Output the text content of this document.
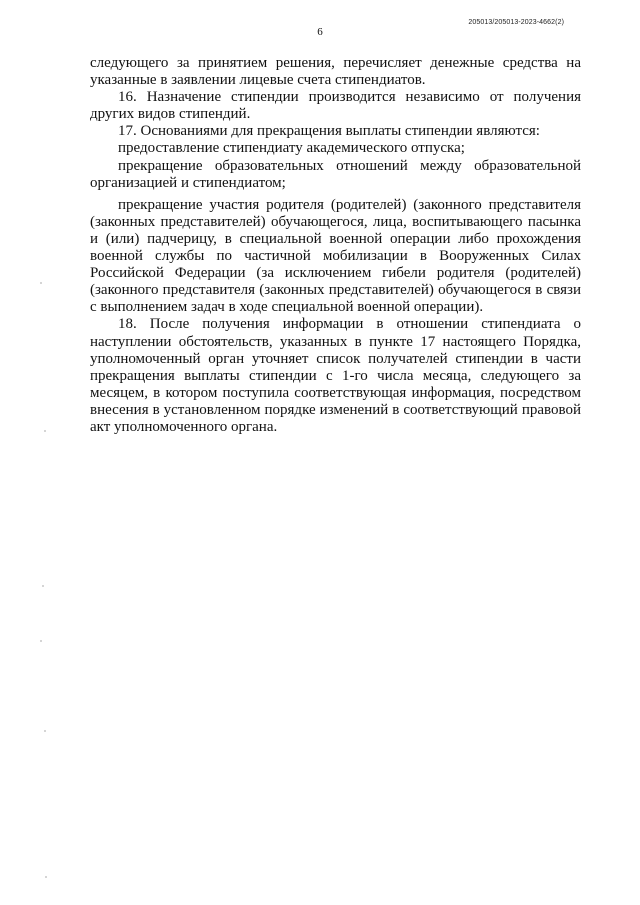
6
205013/205013-2023-4662(2)

следующего за принятием решения, перечисляет денежные средства на указанные в заявлении лицевые счета стипендиатов.

16. Назначение стипендии производится независимо от получения других видов стипендий.

17. Основаниями для прекращения выплаты стипендии являются:

предоставление стипендиату академического отпуска;

прекращение образовательных отношений между образовательной организацией и стипендиатом;

прекращение участия родителя (родителей) (законного представителя (законных представителей) обучающегося, лица, воспитывающего пасынка и (или) падчерицу, в специальной военной операции либо прохождения военной службы по частичной мобилизации в Вооруженных Силах Российской Федерации (за исключением гибели родителя (родителей) (законного представителя (законных представителей) обучающегося в связи с выполнением задач в ходе специальной военной операции).

18. После получения информации в отношении стипендиата о наступлении обстоятельств, указанных в пункте 17 настоящего Порядка, уполномоченный орган уточняет список получателей стипендии в части прекращения выплаты стипендии с 1-го числа месяца, следующего за месяцем, в котором поступила соответствующая информация, посредством внесения в установленном порядке изменений в соответствующий правовой акт уполномоченного органа.
